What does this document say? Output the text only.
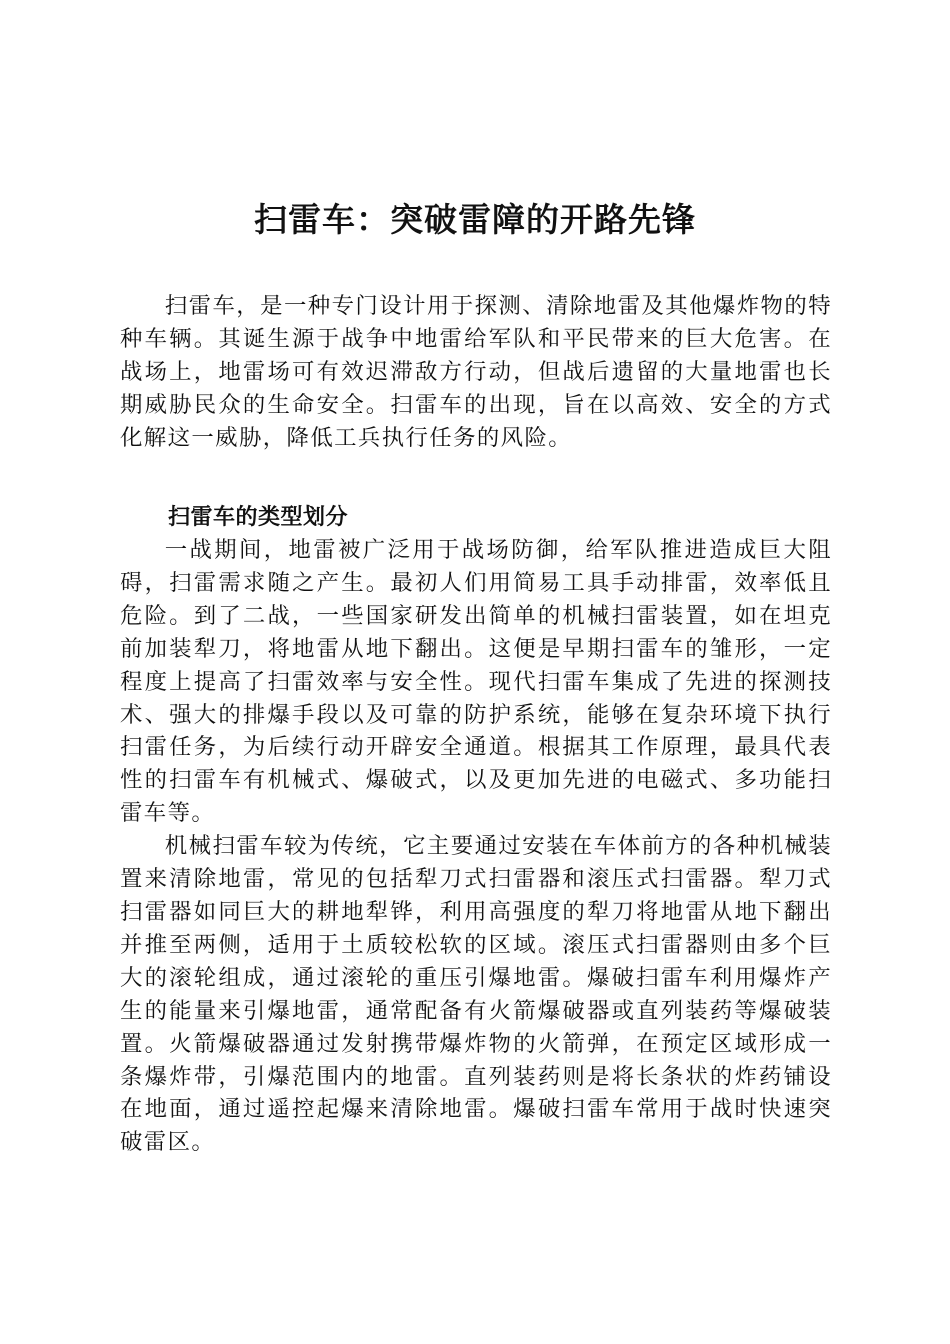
扫雷车：突破雷障的开路先锋

扫雷车，是一种专门设计用于探测、清除地雷及其他爆炸物的特种车辆。其诞生源于战争中地雷给军队和平民带来的巨大危害。在战场上，地雷场可有效迟滞敌方行动，但战后遗留的大量地雷也长期威胁民众的生命安全。扫雷车的出现，旨在以高效、安全的方式化解这一威胁，降低工兵执行任务的风险。

扫雷车的类型划分

一战期间，地雷被广泛用于战场防御，给军队推进造成巨大阻碍，扫雷需求随之产生。最初人们用简易工具手动排雷，效率低且危险。到了二战，一些国家研发出简单的机械扫雷装置，如在坦克前加装犁刀，将地雷从地下翻出。这便是早期扫雷车的雏形，一定程度上提高了扫雷效率与安全性。现代扫雷车集成了先进的探测技术、强大的排爆手段以及可靠的防护系统，能够在复杂环境下执行扫雷任务，为后续行动开辟安全通道。根据其工作原理，最具代表性的扫雷车有机械式、爆破式，以及更加先进的电磁式、多功能扫雷车等。

机械扫雷车较为传统，它主要通过安装在车体前方的各种机械装置来清除地雷，常见的包括犁刀式扫雷器和滚压式扫雷器。犁刀式扫雷器如同巨大的耕地犁铧，利用高强度的犁刀将地雷从地下翻出并推至两侧，适用于土质较松软的区域。滚压式扫雷器则由多个巨大的滚轮组成，通过滚轮的重压引爆地雷。爆破扫雷车利用爆炸产生的能量来引爆地雷，通常配备有火箭爆破器或直列装药等爆破装置。火箭爆破器通过发射携带爆炸物的火箭弹，在预定区域形成一条爆炸带，引爆范围内的地雷。直列装药则是将长条状的炸药铺设在地面，通过遥控起爆来清除地雷。爆破扫雷车常用于战时快速突破雷区。
